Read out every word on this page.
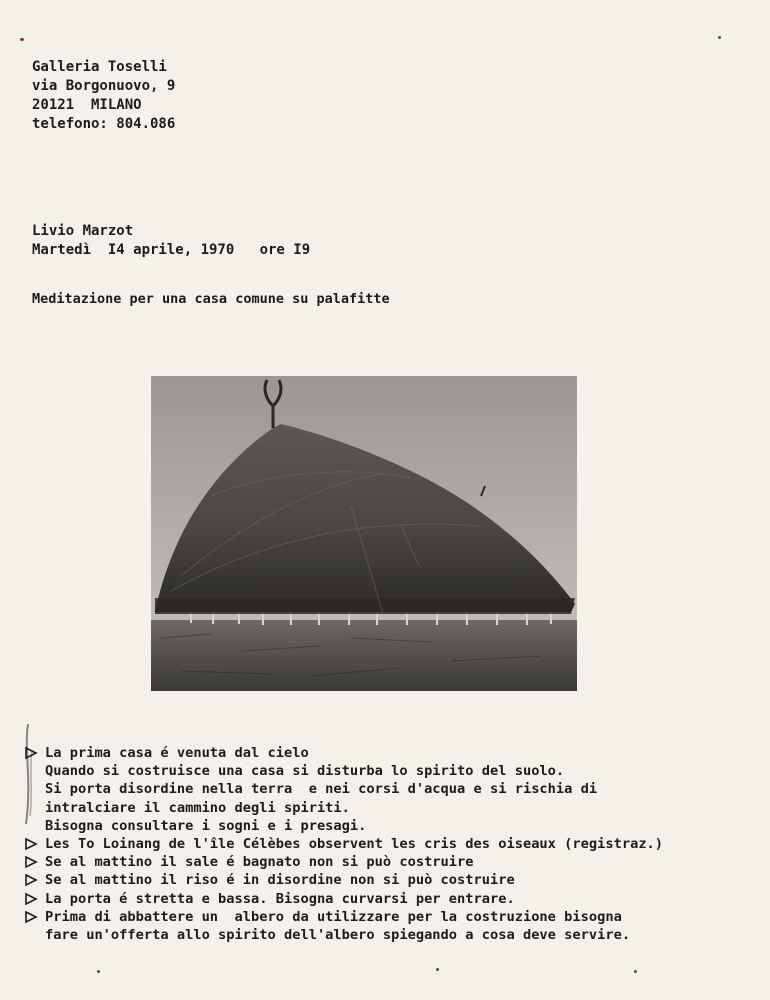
Galleria Toselli
via Borgonuovo, 9
20121  MILANO
telefono: 804.086
Livio Marzot
Martedì  I4 aprile, 1970   ore I9
Meditazione per una casa comune su palafitte
La prima casa é venuta dal cielo
Quando si costruisce una casa si disturba lo spirito del suolo.
Si porta disordine nella terra  e nei corsi d'acqua e si rischia di
intralciare il cammino degli spiriti.
Bisogna consultare i sogni e i presagi.
Les To Loinang de l'île Célèbes observent les cris des oiseaux (registraz.)
Se al mattino il sale é bagnato non si può costruire
Se al mattino il riso é in disordine non si può costruire
La porta é stretta e bassa. Bisogna curvarsi per entrare.
Prima di abbattere un  albero da utilizzare per la costruzione bisogna
fare un'offerta allo spirito dell'albero spiegando a cosa deve servire.
